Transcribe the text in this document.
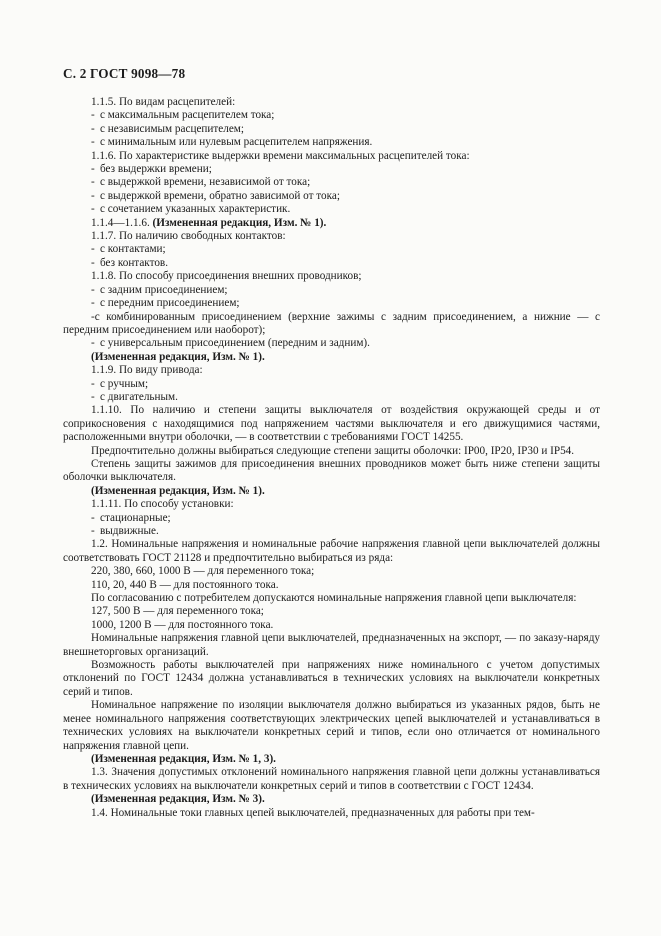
С. 2 ГОСТ 9098—78

1.1.5. По видам расцепителей:

- с максимальным расцепителем тока;

- с независимым расцепителем;

- с минимальным или нулевым расцепителем напряжения.

1.1.6. По характеристике выдержки времени максимальных расцепителей тока:

- без выдержки времени;

- с выдержкой времени, независимой от тока;

- с выдержкой времени, обратно зависимой от тока;

- с сочетанием указанных характеристик.

1.1.4—1.1.6. (Измененная редакция, Изм. № 1).

1.1.7. По наличию свободных контактов:

- с контактами;

- без контактов.

1.1.8. По способу присоединения внешних проводников;

- с задним присоединением;

- с передним присоединением;

-с комбинированным присоединением (верхние зажимы с задним присоединением, а нижние — с передним присоединением или наоборот);

- с универсальным присоединением (передним и задним).

(Измененная редакция, Изм. № 1).

1.1.9. По виду привода:

- с ручным;

- с двигательным.

1.1.10. По наличию и степени защиты выключателя от воздействия окружающей среды и от соприкосновения с находящимися под напряжением частями выключателя и его движущимися частями, расположенными внутри оболочки, — в соответствии с требованиями ГОСТ 14255.

Предпочтительно должны выбираться следующие степени защиты оболочки: IP00, IP20, IP30 и IP54.

Степень защиты зажимов для присоединения внешних проводников может быть ниже степени защиты оболочки выключателя.

(Измененная редакция, Изм. № 1).

1.1.11. По способу установки:

- стационарные;

- выдвижные.

1.2. Номинальные напряжения и номинальные рабочие напряжения главной цепи выключателей должны соответствовать ГОСТ 21128 и предпочтительно выбираться из ряда:

220, 380, 660, 1000 В — для переменного тока;

110, 20, 440 В — для постоянного тока.

По согласованию с потребителем допускаются номинальные напряжения главной цепи выключателя:

127, 500 В — для переменного тока;

1000, 1200 В — для постоянного тока.

Номинальные напряжения главной цепи выключателей, предназначенных на экспорт, — по заказу-наряду внешнеторговых организаций.

Возможность работы выключателей при напряжениях ниже номинального с учетом допустимых отклонений по ГОСТ 12434 должна устанавливаться в технических условиях на выключатели конкретных серий и типов.

Номинальное напряжение по изоляции выключателя должно выбираться из указанных рядов, быть не менее номинального напряжения соответствующих электрических цепей выключателей и устанавливаться в технических условиях на выключатели конкретных серий и типов, если оно отличается от номинального напряжения главной цепи.

(Измененная редакция, Изм. № 1, 3).

1.3. Значения допустимых отклонений номинального напряжения главной цепи должны устанавливаться в технических условиях на выключатели конкретных серий и типов в соответствии с ГОСТ 12434.

(Измененная редакция, Изм. № 3).

1.4. Номинальные токи главных цепей выключателей, предназначенных для работы при тем-
